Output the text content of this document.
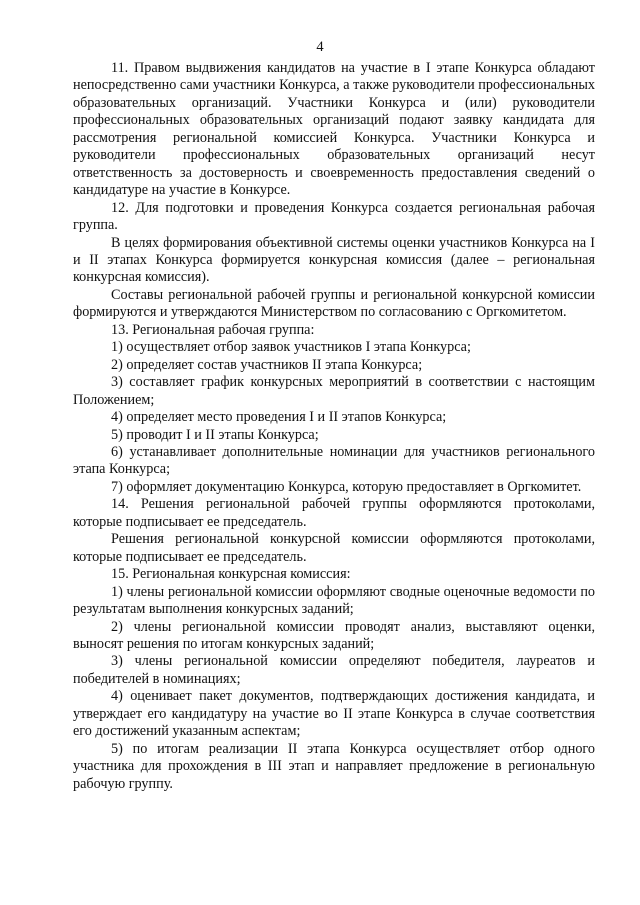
4

11. Правом выдвижения кандидатов на участие в I этапе Конкурса обладают непосредственно сами участники Конкурса, а также руководители профессиональных образовательных организаций. Участники Конкурса и (или) руководители профессиональных образовательных организаций подают заявку кандидата для рассмотрения региональной комиссией Конкурса. Участники Конкурса и руководители профессиональных образовательных организаций несут ответственность за достоверность и своевременность предоставления сведений о кандидатуре на участие в Конкурсе.

12. Для подготовки и проведения Конкурса создается региональная рабочая группа.

В целях формирования объективной системы оценки участников Конкурса на I и II этапах Конкурса формируется конкурсная комиссия (далее – региональная конкурсная комиссия).

Составы региональной рабочей группы и региональной конкурсной комиссии формируются и утверждаются Министерством по согласованию с Оргкомитетом.

13. Региональная рабочая группа:

1) осуществляет отбор заявок участников I этапа Конкурса;

2) определяет состав участников II этапа Конкурса;

3) составляет график конкурсных мероприятий в соответствии с настоящим Положением;

4) определяет место проведения I и II этапов Конкурса;

5) проводит I и II этапы Конкурса;

6) устанавливает дополнительные номинации для участников регионального этапа Конкурса;

7) оформляет документацию Конкурса, которую предоставляет в Оргкомитет.

14. Решения региональной рабочей группы оформляются протоколами, которые подписывает ее председатель.

Решения региональной конкурсной комиссии оформляются протоколами, которые подписывает ее председатель.

15. Региональная конкурсная комиссия:

1) члены региональной комиссии оформляют сводные оценочные ведомости по результатам выполнения конкурсных заданий;

2) члены региональной комиссии проводят анализ, выставляют оценки, выносят решения по итогам конкурсных заданий;

3) члены региональной комиссии определяют победителя, лауреатов и победителей в номинациях;

4) оценивает пакет документов, подтверждающих достижения кандидата, и утверждает его кандидатуру на участие во II этапе Конкурса в случае соответствия его достижений указанным аспектам;

5) по итогам реализации II этапа Конкурса осуществляет отбор одного участника для прохождения в III этап и направляет предложение в региональную рабочую группу.
